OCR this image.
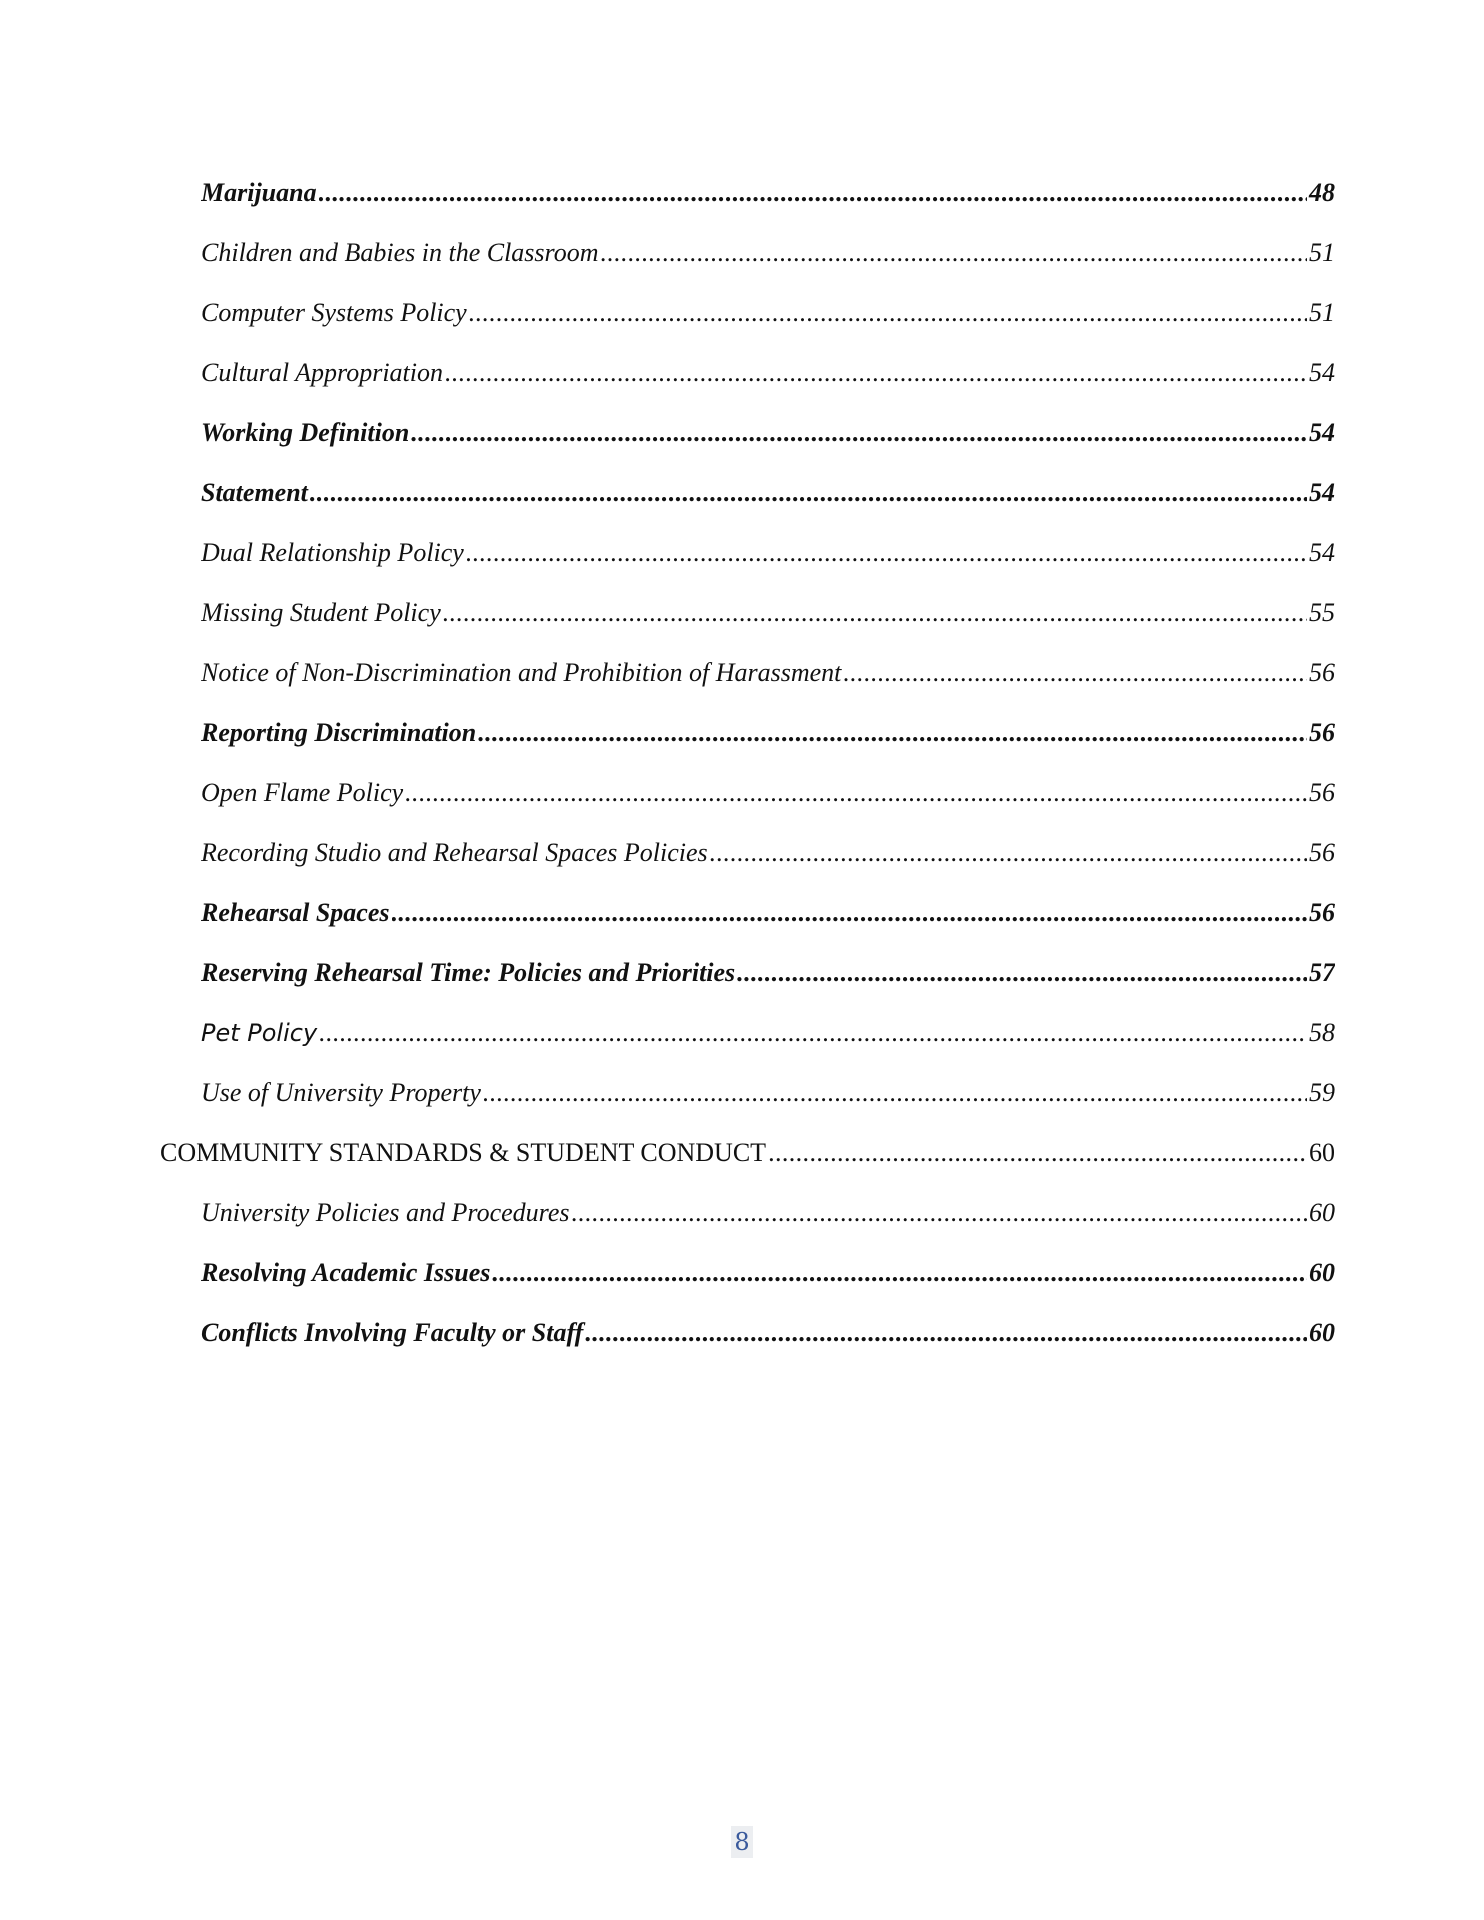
Marijuana .....	48
Children and Babies in the Classroom .....	51
Computer Systems Policy .....	51
Cultural Appropriation .....	54
Working Definition .....	54
Statement .....	54
Dual Relationship Policy .....	54
Missing Student Policy .....	55
Notice of Non-Discrimination and Prohibition of Harassment .....	56
Reporting Discrimination .....	56
Open Flame Policy .....	56
Recording Studio and Rehearsal Spaces Policies .....	56
Rehearsal Spaces .....	56
Reserving Rehearsal Time: Policies and Priorities .....	57
Pet Policy .....	58
Use of University Property .....	59
COMMUNITY STANDARDS & STUDENT CONDUCT .....	60
University Policies and Procedures .....	60
Resolving Academic Issues .....	60
Conflicts Involving Faculty or Staff .....	60
8
